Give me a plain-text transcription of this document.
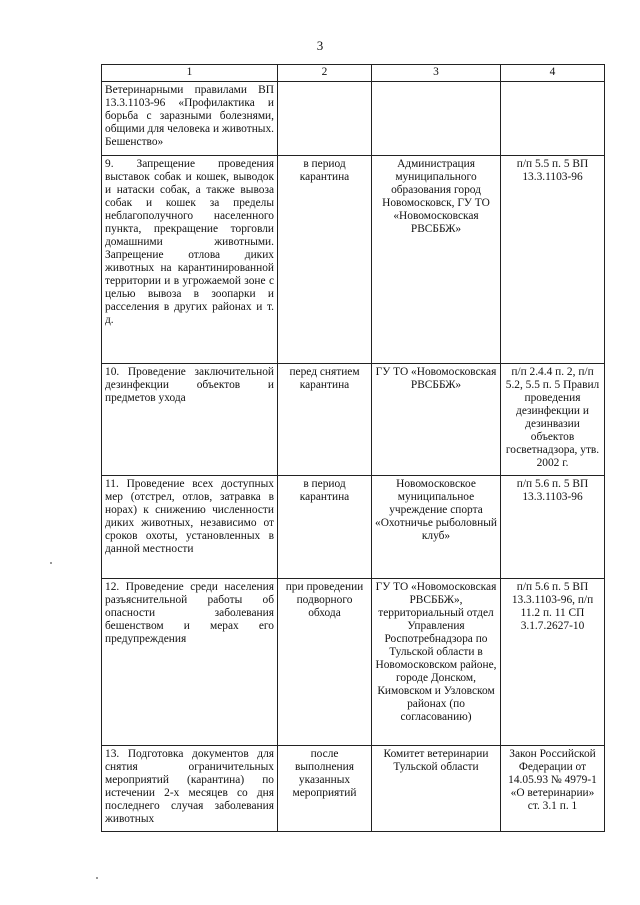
3
1	2	3	4
Ветеринарными правилами ВП 13.3.1103-96 «Профилактика и борьба с заразными болезнями, общими для человека и животных. Бешенство»			
9. Запрещение проведения выставок собак и кошек, выводок и натаски собак, а также вывоза собак и кошек за пределы неблагополучного населенного пункта, прекращение торговли домашними животными. Запрещение отлова диких животных на карантинированной территории и в угрожаемой зоне с целью вывоза в зоопарки и расселения в других районах и т. д.	в период карантина	Администрация муниципального образования город Новомосковск, ГУ ТО «Новомосковская РВСББЖ»	п/п 5.5 п. 5 ВП 13.3.1103-96
10. Проведение заключительной дезинфекции объектов и предметов ухода	перед снятием карантина	ГУ ТО «Новомосковская РВСББЖ»	п/п 2.4.4 п. 2, п/п 5.2, 5.5 п. 5 Правил проведения дезинфекции и дезинвазии объектов госветнадзора, утв. 2002 г.
11. Проведение всех доступных мер (отстрел, отлов, затравка в норах) к снижению численности диких животных, независимо от сроков охоты, установленных в данной местности	в период карантина	Новомосковское муниципальное учреждение спорта «Охотничье рыболовный клуб»	п/п 5.6 п. 5 ВП 13.3.1103-96
12. Проведение среди населения разъяснительной работы об опасности заболевания бешенством и мерах его предупреждения	при проведении подворного обхода	ГУ ТО «Новомосковская РВСББЖ», территориальный отдел Управления Роспотребнадзора по Тульской области в Новомосковском районе, городе Донском, Кимовском и Узловском районах (по согласованию)	п/п 5.6 п. 5 ВП 13.3.1103-96, п/п 11.2 п. 11 СП 3.1.7.2627-10
13. Подготовка документов для снятия ограничительных мероприятий (карантина) по истечении 2-х месяцев со дня последнего случая заболевания животных	после выполнения указанных мероприятий	Комитет ветеринарии Тульской области	Закон Российской Федерации от 14.05.93 № 4979-1 «О ветеринарии» ст. 3.1 п. 1
